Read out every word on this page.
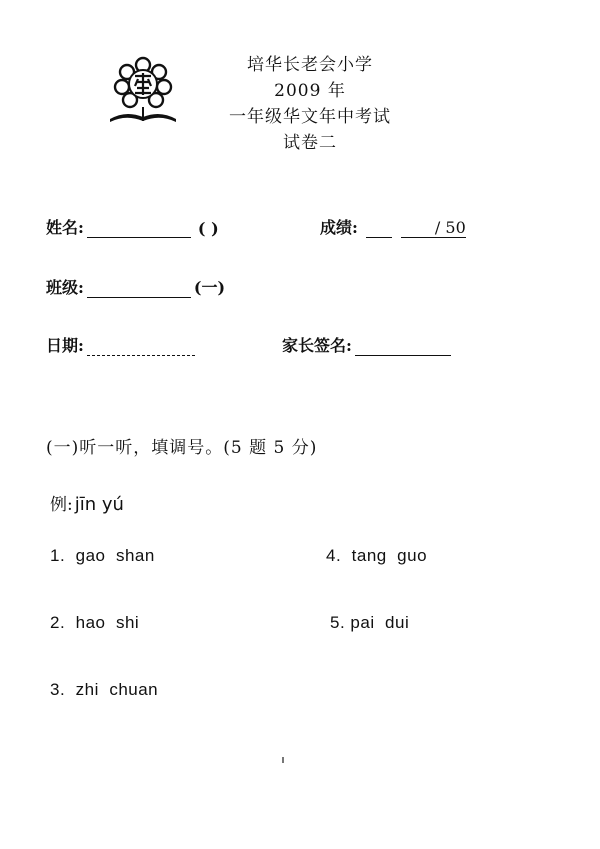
培华长老会小学
2009 年
一年级华文年中考试
试卷二
姓名:	( )	成绩:	/ 50
班级:	(一)
日期:	家长签名:
(一)听一听，填调号。(5 题 5 分)
例: jīn yú
1. gao  shan
2. hao  shi
3. zhi  chuan
4. tang  guo
5. pai  dui
